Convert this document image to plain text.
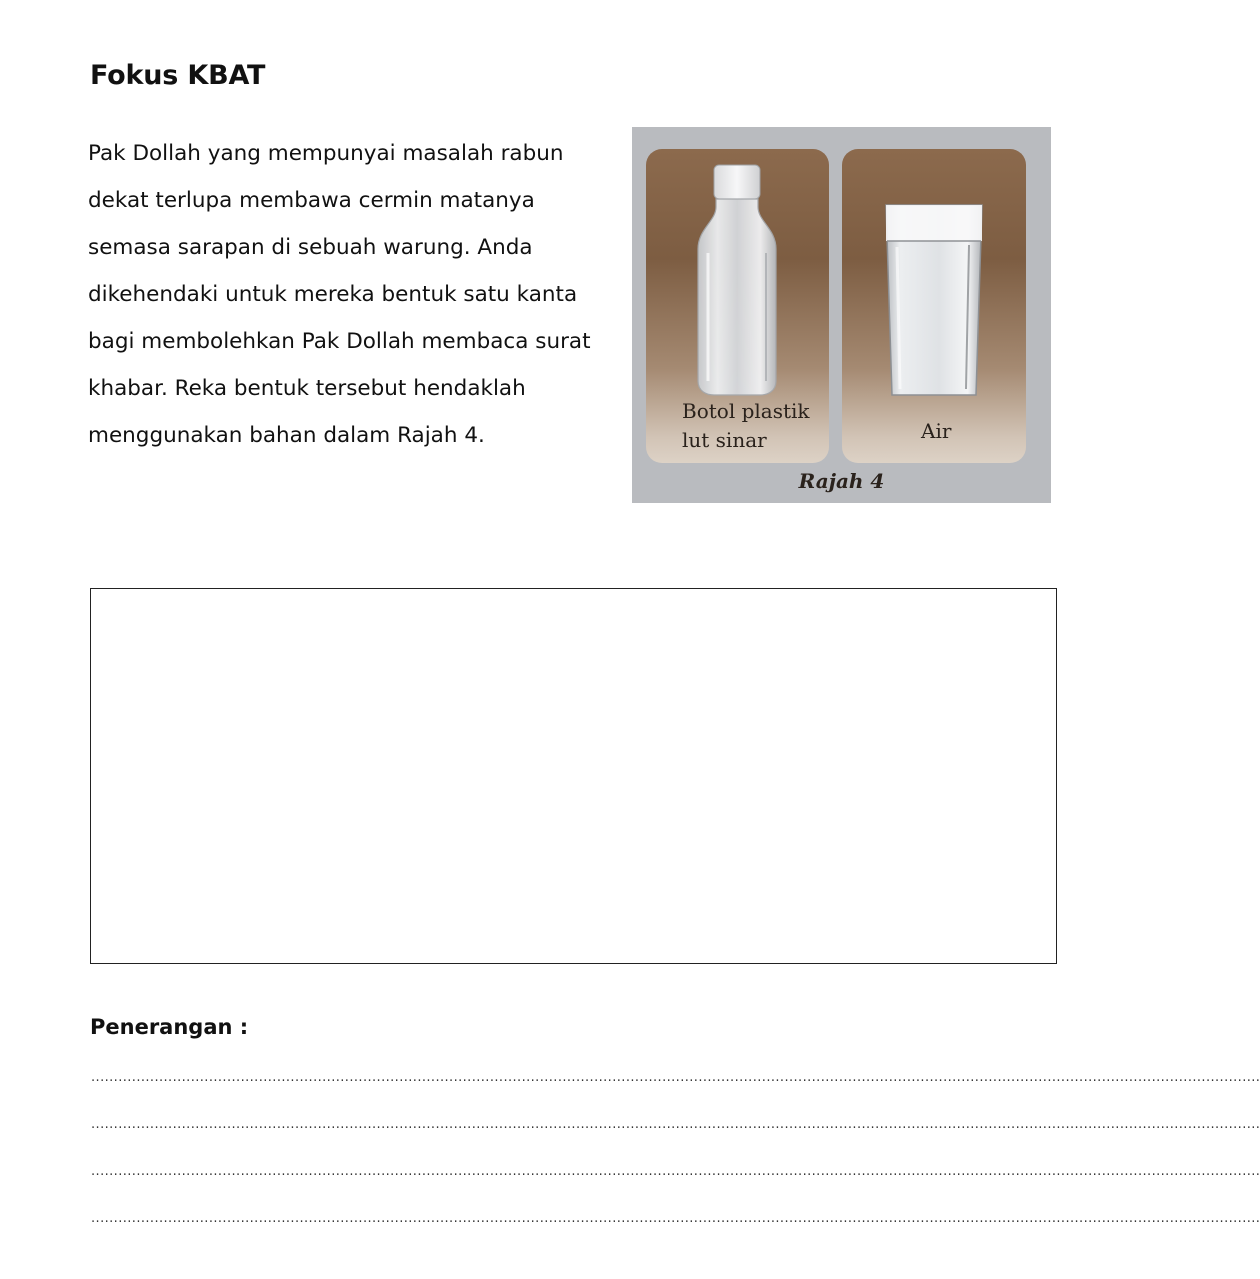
Fokus KBAT

Pak Dollah yang mempunyai masalah rabun
dekat terlupa membawa cermin matanya
semasa sarapan di sebuah warung. Anda
dikehendaki untuk mereka bentuk satu kanta
bagi membolehkan Pak Dollah membaca surat
khabar. Reka bentuk tersebut hendaklah
menggunakan bahan dalam Rajah 4.

Botol plastik
lut sinar	Air

Rajah 4

Penerangan :

..................................................................................................................................................................................................................................................................
..................................................................................................................................................................................................................................................................
..................................................................................................................................................................................................................................................................
..................................................................................................................................................................................................................................................................
